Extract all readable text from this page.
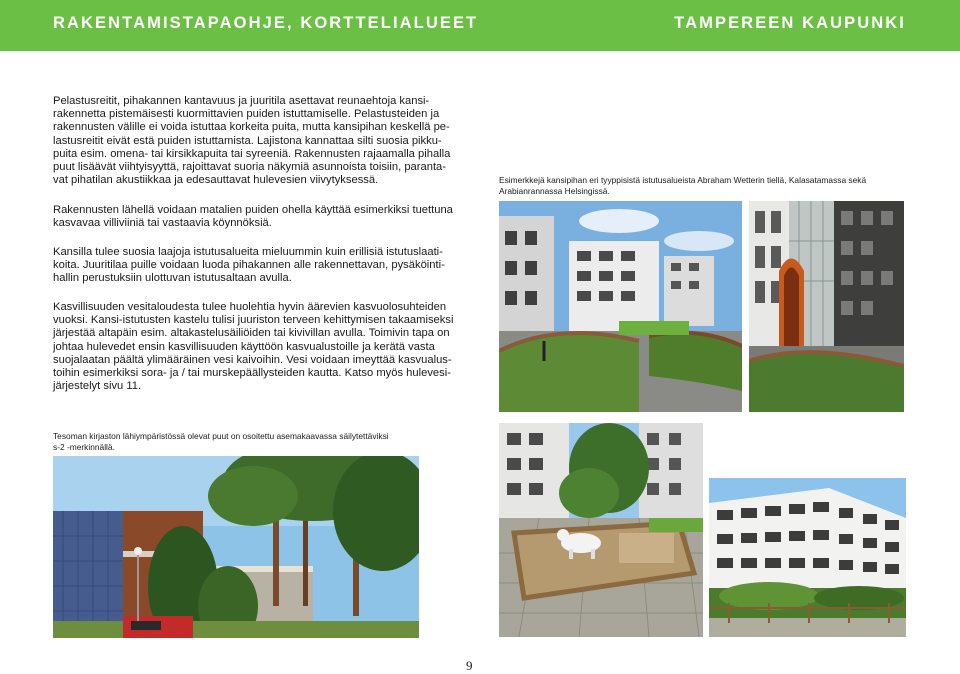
RAKENTAMISTAPAOHJE, KORTTELIALUEET	TAMPEREEN KAUPUNKI

Pelastusreitit, pihakannen kantavuus ja juuritila asettavat reunaehtoja kansi-
rakennetta pistemäisesti kuormittavien puiden istuttamiselle. Pelastusteiden ja
rakennusten välille ei voida istuttaa korkeita puita, mutta kansipihan keskellä pe-
lastusreitit eivät estä puiden istuttamista. Lajistona kannattaa silti suosia pikku-
puita esim. omena- tai kirsikkapuita tai syreeniä. Rakennusten rajaamalla pihalla
puut lisäävät viihtyisyyttä, rajoittavat suoria näkymiä asunnoista toisiin, paranta-
vat pihatilan akustiikkaa ja edesauttavat hulevesien viivytyksessä.

Rakennusten lähellä voidaan matalien puiden ohella käyttää esimerkiksi tuettuna
kasvavaa villiviiniä tai vastaavia köynnöksiä.

Kansilla tulee suosia laajoja istutusalueita mieluummin kuin erillisiä istutuslaati-
koita. Juuritilaa puille voidaan luoda pihakannen alle rakennettavan, pysäköinti-
hallin perustuksiin ulottuvan istutusaltaan avulla.

Kasvillisuuden vesitaloudesta tulee huolehtia hyvin äärevien kasvuolosuhteiden
vuoksi. Kansi-istutusten kastelu tulisi juuriston terveen kehittymisen takaamiseksi
järjestää altapäin esim. altakastelusäiliöiden tai kivivillan avulla. Toimivin tapa on
johtaa hulevedet ensin kasvillisuuden käyttöön kasvualustoille ja kerätä vasta
suojalaatan päältä ylimääräinen vesi kaivoihin. Vesi voidaan imeyttää kasvualus-
toihin esimerkiksi sora- ja / tai murskepäällysteiden kautta. Katso myös hulevesi-
järjestelyt sivu 11.

Tesoman kirjaston lähiympäristössä olevat puut on osoitettu asemakaavassa säilytettäviksi
s-2 -merkinnällä.
Esimerkkejä kansipihan eri tyyppisistä istutusalueista Abraham Wetterin tiellä, Kalasatamassa sekä
Arabianrannassa Helsingissä.
9
